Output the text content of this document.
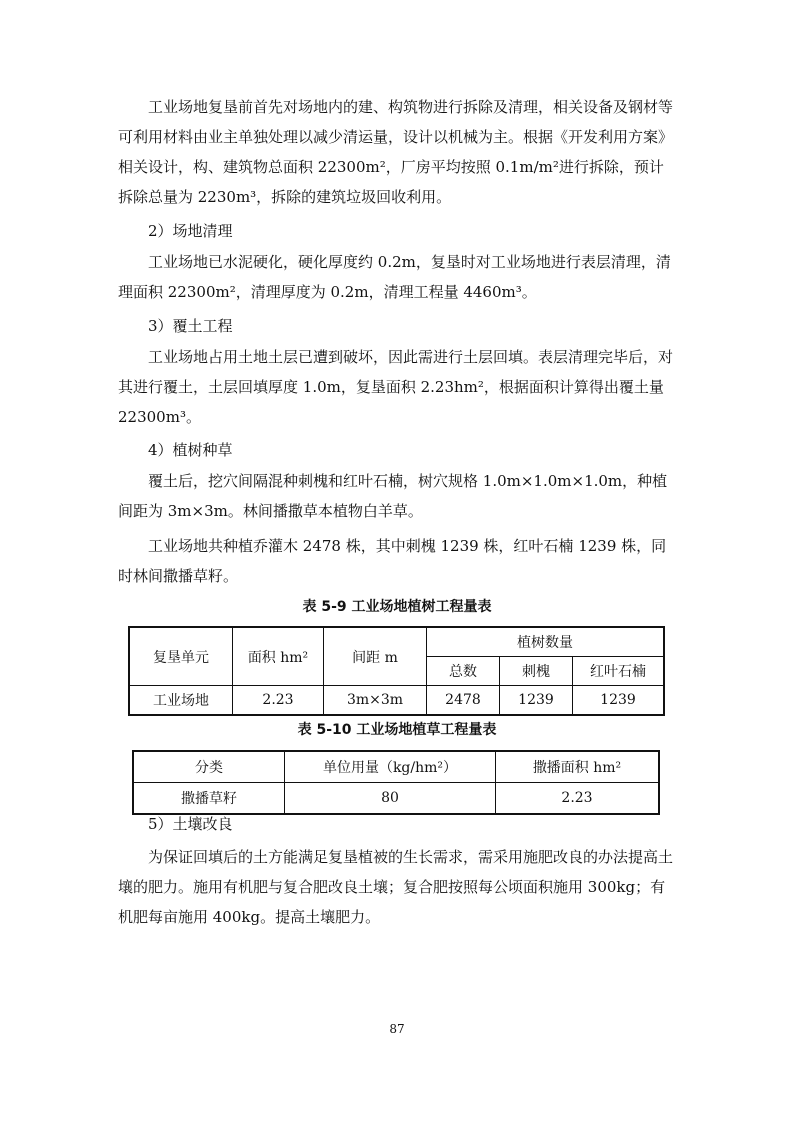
工业场地复垦前首先对场地内的建、构筑物进行拆除及清理，相关设备及钢材等可利用材料由业主单独处理以减少清运量，设计以机械为主。根据《开发利用方案》相关设计，构、建筑物总面积 22300m²，厂房平均按照 0.1m/m²进行拆除，预计拆除总量为 2230m³，拆除的建筑垃圾回收利用。

2）场地清理

工业场地已水泥硬化，硬化厚度约 0.2m，复垦时对工业场地进行表层清理，清理面积 22300m²，清理厚度为 0.2m，清理工程量 4460m³。

3）覆土工程

工业场地占用土地土层已遭到破坏，因此需进行土层回填。表层清理完毕后，对其进行覆土，土层回填厚度 1.0m，复垦面积 2.23hm²，根据面积计算得出覆土量 22300m³。

4）植树种草

覆土后，挖穴间隔混种刺槐和红叶石楠，树穴规格 1.0m×1.0m×1.0m，种植间距为 3m×3m。林间播撒草本植物白羊草。

工业场地共种植乔灌木 2478 株，其中刺槐 1239 株，红叶石楠 1239 株，同时林间撒播草籽。

表 5-9 工业场地植树工程量表
复垦单元	面积 hm²	间距 m	植树数量		
			总数	刺槐	红叶石楠
工业场地	2.23	3m×3m	2478	1239	1239
表 5-10 工业场地植草工程量表
分类	单位用量（kg/hm²）	撒播面积 hm²
撒播草籽	80	2.23

5）土壤改良

为保证回填后的土方能满足复垦植被的生长需求，需采用施肥改良的办法提高土壤的肥力。施用有机肥与复合肥改良土壤；复合肥按照每公顷面积施用 300kg；有机肥每亩施用 400kg。提高土壤肥力。

87
